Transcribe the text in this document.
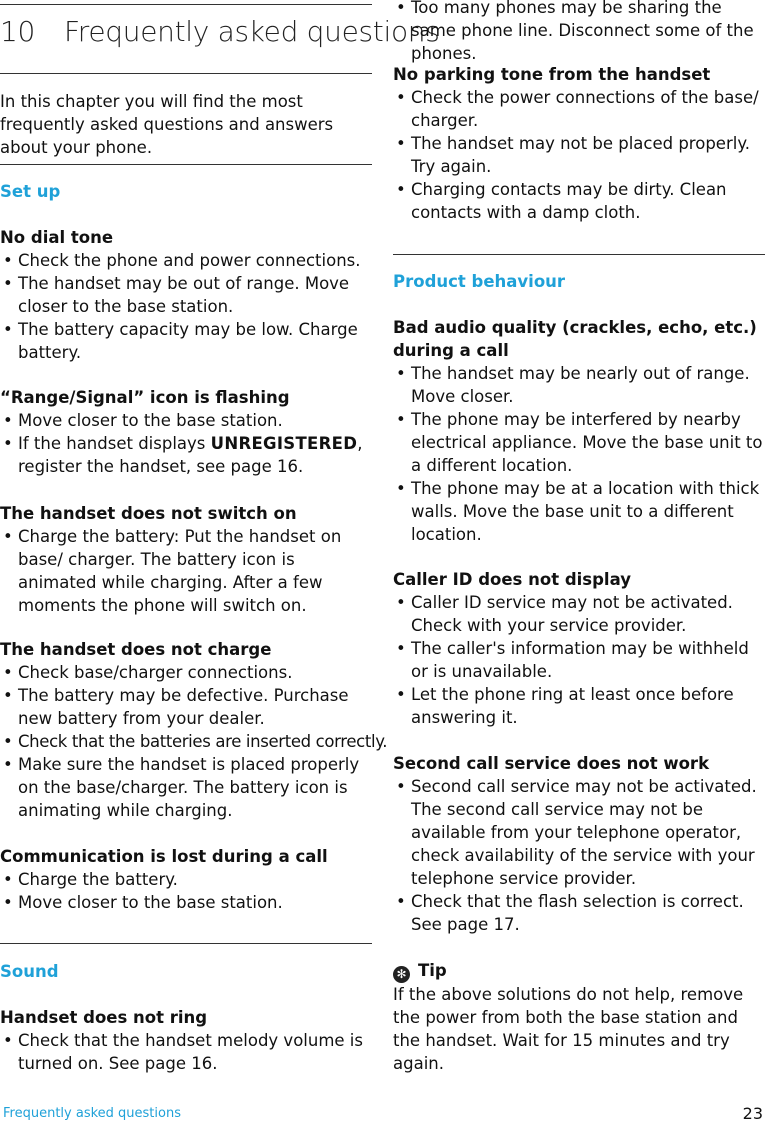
10 Frequently asked questions

In this chapter you will find the most frequently asked questions and answers about your phone.

Set up

No dial tone

• Check the phone and power connections.
• The handset may be out of range. Move closer to the base station.
• The battery capacity may be low. Charge battery.

“Range/Signal” icon is flashing

• Move closer to the base station.
• If the handset displays UNREGISTERED, register the handset, see page 16.

The handset does not switch on

• Charge the battery: Put the handset on base/ charger. The battery icon is animated while charging. After a few moments the phone will switch on.

The handset does not charge

• Check base/charger connections.
• The battery may be defective. Purchase new battery from your dealer.
• Check that the batteries are inserted correctly.
• Make sure the handset is placed properly on the base/charger. The battery icon is animating while charging.

Communication is lost during a call

• Charge the battery.
• Move closer to the base station.

Sound

Handset does not ring

• Check that the handset melody volume is turned on. See page 16.
• Too many phones may be sharing the same phone line. Disconnect some of the phones.

No parking tone from the handset

• Check the power connections of the base/ charger.
• The handset may not be placed properly. Try again.
• Charging contacts may be dirty. Clean contacts with a damp cloth.

Product behaviour

Bad audio quality (crackles, echo, etc.) during a call

• The handset may be nearly out of range. Move closer.
• The phone may be interfered by nearby electrical appliance. Move the base unit to a different location.
• The phone may be at a location with thick walls. Move the base unit to a different location.

Caller ID does not display

• Caller ID service may not be activated. Check with your service provider.
• The caller's information may be withheld or is unavailable.
• Let the phone ring at least once before answering it.

Second call service does not work

• Second call service may not be activated. The second call service may not be available from your telephone operator, check availability of the service with your telephone service provider.
• Check that the flash selection is correct. See page 17.

✻ Tip

If the above solutions do not help, remove the power from both the base station and the handset. Wait for 15 minutes and try again.

Frequently asked questions	23
